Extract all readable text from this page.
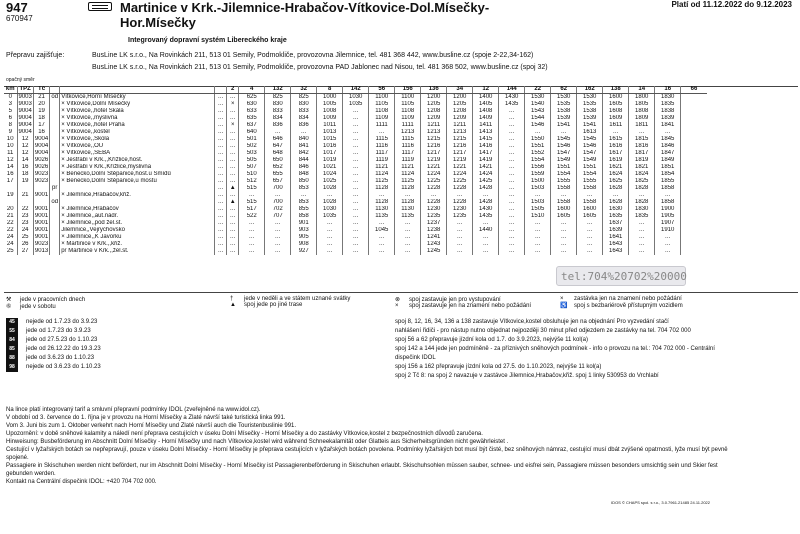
947
670947
Martinice v Krk.-Jilemnice-Hrabačov-Vítkovice-Dol.Mísečky-Hor.Mísečky
Platí od 11.12.2022 do 9.12.2023
Integrovaný dopravní systém Libereckého kraje
Přepravu zajišťuje:	BusLine LK s.r.o., Na Rovinkách 211, 513 01 Semily, Podmokliče, provozovna Jilemnice, tel. 481 368 442, www.busline.cz (spoje 2-22,34-162)
BusLine LK s.r.o., Na Rovinkách 211, 513 01 Semily, Podmokliče, provozovna PAD Jablonec nad Nisou, tel. 481 368 502, www.busline.cz (spoj 32)
opačný směr
km	TPZ	Tč				2	4	132	32	8	142	56	156	136	34	12	144	22	62	162	138	14	16	66
0	9003	21	od	Vítkovice,Horní Mísečky	…	…	625	825	825	1000	1030	1100	1100	1200	1200	1400	1430	1530	1530	1530	1600	1800	1830	
3	9003	20		× Vítkovice,Dolní Mísečky	…	×	630	830	830	1005	1035	1105	1105	1205	1205	1405	1435	1540	1535	1535	1605	1805	1835	
5	9004	19		× Vítkovice,,hotel Skála	…	…	633	833	833	1008	…	1108	1108	1208	1208	1408	…	1543	1538	1538	1608	1808	1838	
6	9004	18		× Vítkovice,,myslivna	…	…	635	834	834	1009	…	1109	1109	1209	1209	1409	…	1544	1539	1539	1609	1809	1839	
8	9004	17		× Vítkovice,,hotel Praha	…	×	637	836	836	1011	…	1111	1111	1211	1211	1411	…	1546	1541	1541	1611	1811	1841	
9	9004	16		× Vítkovice,,kostel	…	…	640	…	…	1013	…	…	1213	1213	1213	1413	…	…	…	1613	…	…	…	
10	12	9004		× Vítkovice,,Škola	…	…	501	646	840	1015	…	1115	1115	1215	1215	1415	…	1550	1545	1545	1615	1815	1845	
10	12	9004		× Vítkovice,,OÚ	…	…	502	647	841	1016	…	1116	1116	1216	1216	1416	…	1551	1546	1546	1616	1816	1846	
11	12	9004		× Vítkovice,,SEBA	…	…	503	648	842	1017	…	1117	1117	1217	1217	1417	…	1552	1547	1547	1617	1817	1847	
12	14	9026		× Jestřabí v Krk.,,Křížlice,host.	…	…	505	650	844	1019	…	1119	1119	1219	1219	1419	…	1554	1549	1549	1619	1819	1849	
14	16	9026		× Jestřabí v Krk.,Křížlice,myslivna	…	…	507	652	846	1021	…	1121	1121	1221	1221	1421	…	1556	1551	1551	1621	1821	1851	
16	18	9023		× Benecko,Dolní Štěpanice,host.u Šmídů	…	…	510	655	848	1024	…	1124	1124	1224	1224	1424	…	1559	1554	1554	1624	1824	1854	
17	19	9023		× Benecko,Dolní Štěpanice,u mostu	…	…	512	657	850	1025	…	1125	1125	1225	1225	1425	…	1500	1555	1555	1625	1825	1855	
			pr		…	▲	515	700	853	1028	…	1128	1128	1228	1228	1428	…	1503	1558	1558	1628	1828	1858	
19	21	9001		× Jilemnice,Hrabačov,křiž.	…	…	…	…	…	…	…	…	…	…	…	…	…	…	…	…	…	…	…	
			od		…	▲	515	700	853	1028	…	1128	1128	1228	1228	1428	…	1503	1558	1558	1628	1828	1858	
20	22	9001		× Jilemnice,Hrabačov	…	…	517	702	855	1030	…	1130	1130	1230	1230	1430	…	1505	1600	1600	1630	1830	1900	
21	23	9001		× Jilemnice,,aut.nádr.	…	…	522	707	858	1035	…	1135	1135	1235	1235	1435	…	1510	1605	1605	1635	1835	1905	
22	23	9001		× Jilemnice,,pod žel.st.	…	…	…	…	901	…	…	…	…	1237	…	…	…	…	…	…	1637	…	1907	
22	24	9001		Jilemnice,,Vejrychovsko	…	…	…	…	903	…	…	1045	…	1238	…	1440	…	…	…	…	1639	…	1910	
24	25	9001		× Jilemnice,,K Javorku	…	…	…	…	905	…	…	…	…	1241	…	…	…	…	…	…	1641	…	…	
24	26	9023		× Martinice v Krk.,,křiž.	…	…	…	…	908	…	…	…	…	1243	…	…	…	…	…	…	1643	…	…	
25	27	9013		pr Martinice v Krk.,,žel.st.	…	…	…	…	927	…	…	…	…	1245	…	…	…	…	…	…	1643	…	…	
⚒ jede v pracovních dnech
⑥ jede v sobotu
† jede v neděli a ve státem uznané svátky
▲ spoj jede po jiné trase
⊗ spoj zastavuje jen pro vystupování
× spoj zastavuje jen na znamení nebo požádání
× zastávka jen na znamení nebo požádání
♿ spoj s bezbariérově přístupným vozidlem
45 nejede od 1.7.23 do 3.9.23
55 jede od 1.7.23 do 3.9.23
84 jede od 27.5.23 do 1.10.23
85 jede od 26.12.22 do 19.3.23
88 jede od 3.6.23 do 1.10.23
98 nejede od 3.6.23 do 1.10.23
spoj 8, 12, 16, 34, 136 a 138 zastavuje Vítkovice,kostel obsluhuje jen na objednání Pro vyzvedání stačí
nahlášení řidiči - pro nástup nutno objednat nejpozději 30 minut před odjezdem ze zastávky na tel. 704 702 000
spoj 56 a 62 přepravuje jízdní kola od 1.7. do 3.9.2023, nejvýše 11 kol(a)
spoj 142 a 144 jede jen podmíněně - za příznivých sněhových podmínek - info o provozu na tel.: 704 702 000 - Centrální dispečink IDOL
spoj 156 a 162 přepravuje jízdní kola od 27.5. do 1.10.2023, nejvýše 11 kol(a)
spoj 2 Tč 8: na spoj 2 navazuje v zastávce Jilemnice,Hrabačov,křiž. spoj 1 linky 530953 do Vrchlabí
Na lince platí integrovaný tarif a smluvní přepravní podmínky IDOL (zveřejněné na www.idol.cz).
V období od 3. července do 1. října je v provozu na Horní Mísečky a Zlaté návrší také turistická linka 991.
Vom 3. Juni bis zum 1. Oktober verkehrt nach Horní Mísečky und Zlaté návrší auch die Touristenbuslinie 991.
Upozornění: v době sněhové kalamity a náledí není přeprava cestujících v úseku Dolní Mísečky - Horní Mísečky a do zastávky Vítkovice,kostel z bezpečnostních důvodů zaručena.
Hinweisung: Busbeförderung im Abschnitt Dolní Mísečky - Horní Mísečky und nach Vítkovice,kostel wird während Schneekalamität oder Glatteis aus Sicherheitsgründen nicht gewährleistet .
Cestující v lyžařských botách se nepřepravují, pouze v úseku Dolní Mísečky - Horní Mísečky je přeprava cestujících v lyžařských botách povolena. Podmínky lyžařských bot musí být čisté, bez sněhových námraz, cestující musí dbát zvýšené opatrnosti, lyže musí být pevně spojené.
Passagiere in Skischuhen werden nicht befördert, nur im Abschnitt Dolní Mísečky - Horní Mísečky ist Passagierenbeförderung in Skischuhen erlaubt. Skischuhsohlen müssen sauber, schnee- und eisfrei sein, Passagiere müssen besonders umsichtig sein und Skier fest gebunden werden.
Kontakt na Centrální dispečink IDOL: +420 704 702 000.
IDOS © CHAPS spol. s r.o., 3.0.7961.21485 24.11.2022
tel:704%20702%20000
